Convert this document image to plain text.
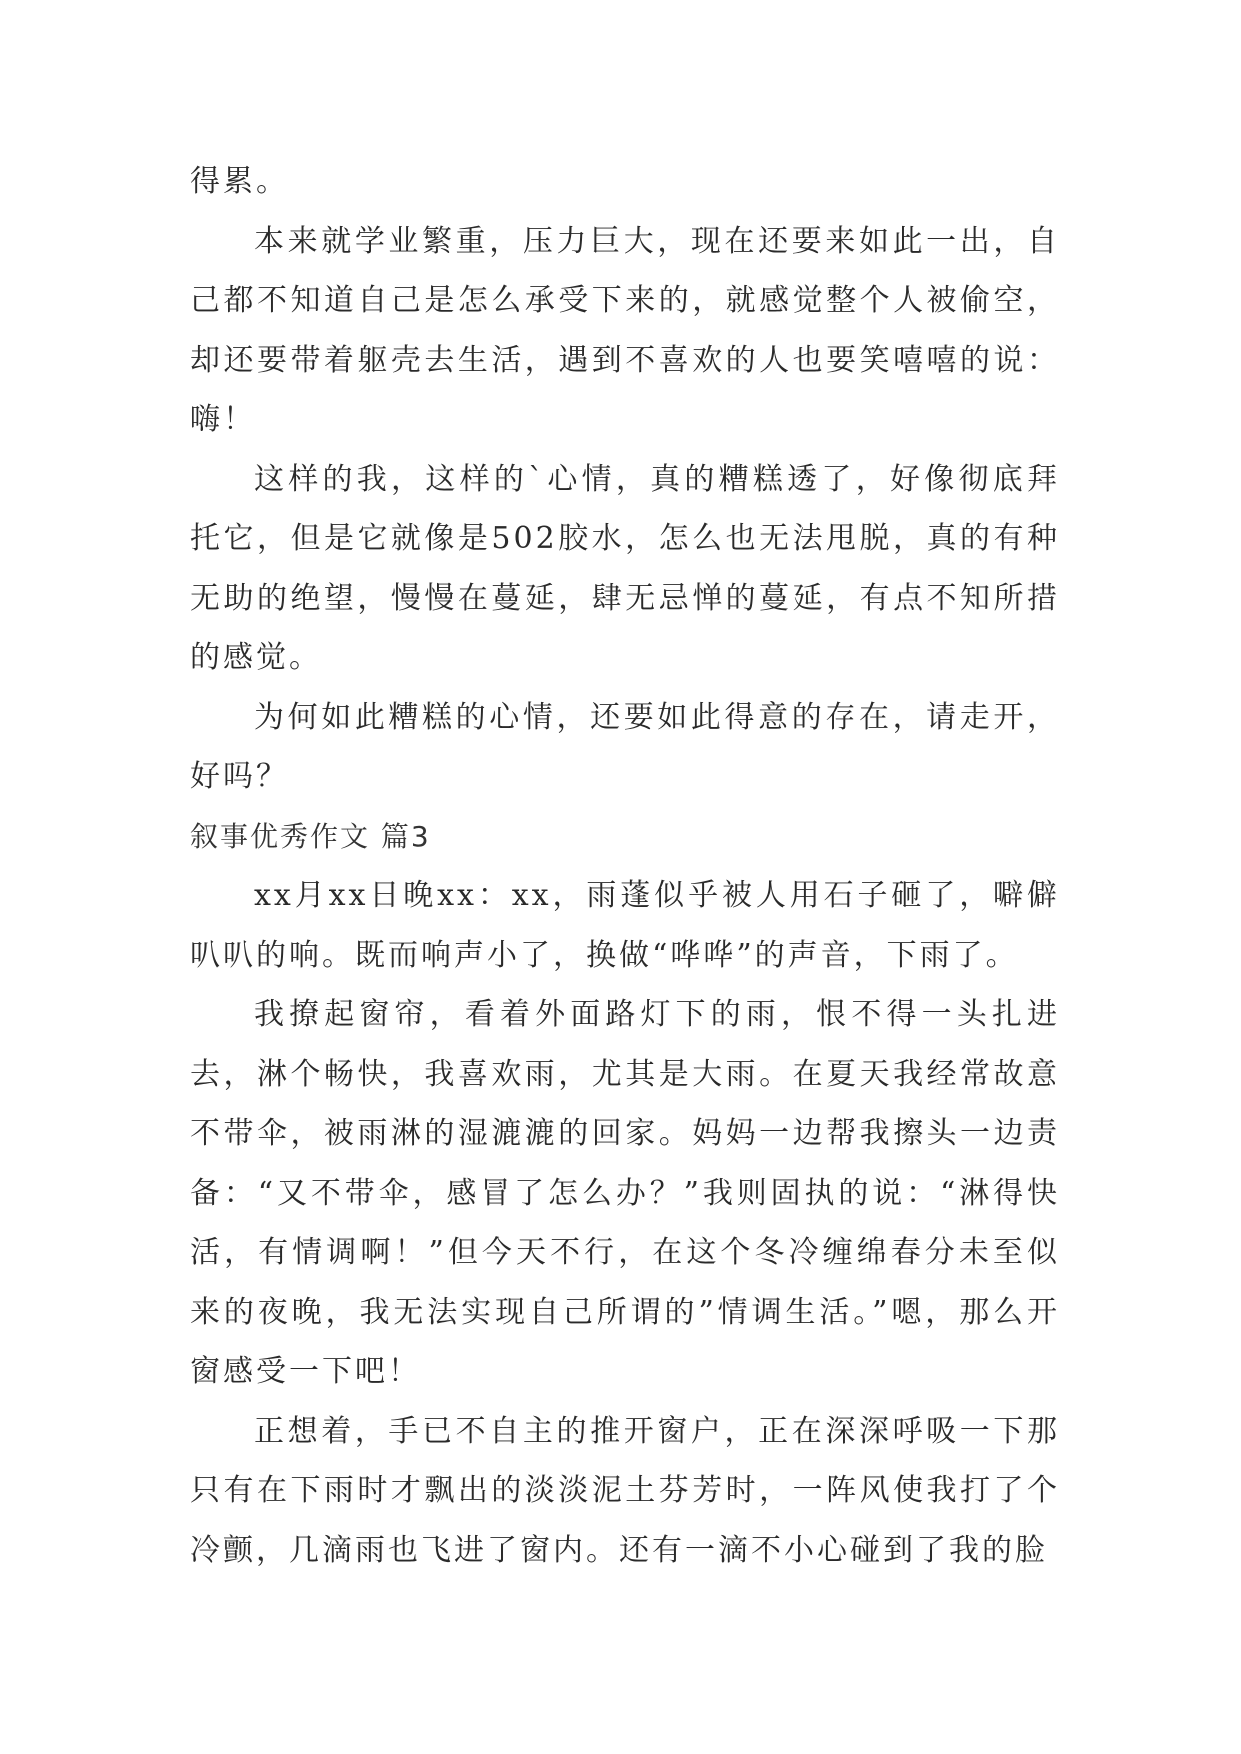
得累。

本来就学业繁重，压力巨大，现在还要来如此一出，自己都不知道自己是怎么承受下来的，就感觉整个人被偷空，却还要带着躯壳去生活，遇到不喜欢的人也要笑嘻嘻的说：嗨！

这样的我，这样的`心情，真的糟糕透了，好像彻底拜托它，但是它就像是502胶水，怎么也无法甩脱，真的有种无助的绝望，慢慢在蔓延，肆无忌惮的蔓延，有点不知所措的感觉。

为何如此糟糕的心情，还要如此得意的存在，请走开，好吗？

叙事优秀作文 篇3

xx月xx日晚xx：xx，雨蓬似乎被人用石子砸了，噼僻叭叭的响。既而响声小了，换做“哗哗”的声音，下雨了。

我撩起窗帘，看着外面路灯下的雨，恨不得一头扎进去，淋个畅快，我喜欢雨，尤其是大雨。在夏天我经常故意不带伞，被雨淋的湿漉漉的回家。妈妈一边帮我擦头一边责备：“又不带伞，感冒了怎么办？”我则固执的说：“淋得快活，有情调啊！”但今天不行，在这个冬冷缠绵春分未至似来的夜晚，我无法实现自己所谓的”情调生活。”嗯，那么开窗感受一下吧！

正想着，手已不自主的推开窗户，正在深深呼吸一下那只有在下雨时才飘出的淡淡泥土芬芳时，一阵风使我打了个冷颤，几滴雨也飞进了窗内。还有一滴不小心碰到了我的脸
